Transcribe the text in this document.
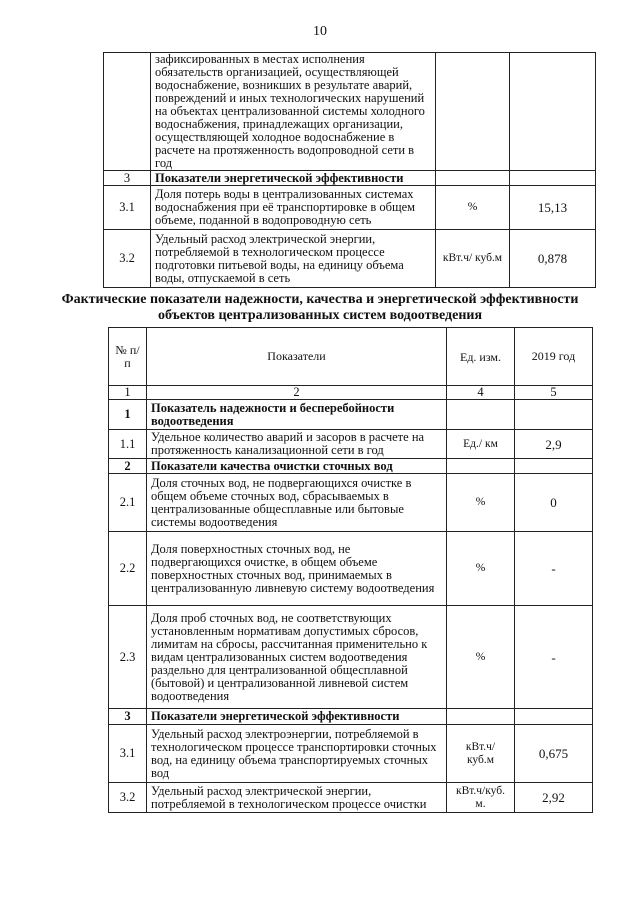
10
	зафиксированных в местах исполнения обязательств организацией, осуществляющей водоснабжение, возникших в результате аварий, повреждений и иных технологических нарушений на объектах централизованной системы холодного водоснабжения, принадлежащих организации, осуществляющей холодное водоснабжение в расчете на протяженность водопроводной сети в год		
3	Показатели энергетической эффективности		
3.1	Доля потерь воды в централизованных системах водоснабжения при её транспортировке в общем объеме, поданной в водопроводную сеть	%	15,13
3.2	Удельный расход электрической энергии, потребляемой в технологическом процессе подготовки питьевой воды, на единицу объема воды, отпускаемой в сеть	кВт.ч/ куб.м	0,878
Фактические показатели надежности, качества и энергетической эффективности объектов централизованных систем водоотведения
№ п/п	Показатели	Ед. изм.	2019 год
1	2	4	5
1	Показатель надежности и бесперебойности водоотведения		
1.1	Удельное количество аварий и засоров в расчете на протяженность канализационной сети в год	Ед./ км	2,9
2	Показатели качества очистки сточных вод		
2.1	Доля сточных вод, не подвергающихся очистке в общем объеме сточных вод, сбрасываемых в централизованные общесплавные или бытовые системы водоотведения	%	0
2.2	Доля поверхностных сточных вод, не подвергающихся очистке, в общем объеме поверхностных сточных вод, принимаемых в централизованную ливневую систему водоотведения	%	-
2.3	Доля проб сточных вод, не соответствующих установленным нормативам допустимых сбросов, лимитам на сбросы, рассчитанная применительно к видам централизованных систем водоотведения раздельно для централизованной общесплавной (бытовой) и централизованной ливневой систем водоотведения	%	-
3	Показатели энергетической эффективности		
3.1	Удельный расход электроэнергии, потребляемой в технологическом процессе транспортировки сточных вод, на единицу объема транспортируемых сточных вод	кВт.ч/ куб.м	0,675
3.2	Удельный расход электрической энергии, потребляемой в технологическом процессе очистки	кВт.ч/куб. м.	2,92
